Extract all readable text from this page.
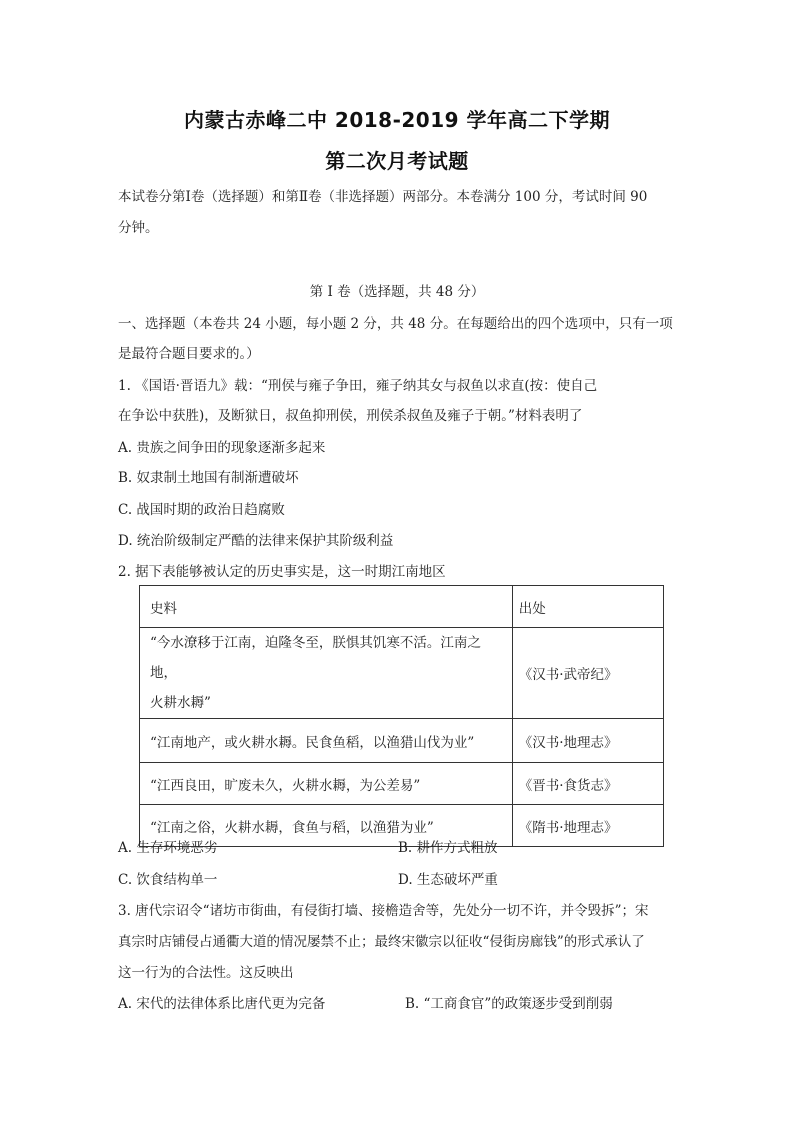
内蒙古赤峰二中 2018-2019 学年高二下学期
第二次月考试题
本试卷分第Ⅰ卷（选择题）和第Ⅱ卷（非选择题）两部分。本卷满分 100 分，考试时间 90
分钟。
第 Ⅰ 卷（选择题，共 48 分）
一、选择题（本卷共 24 小题，每小题 2 分，共 48 分。在每题给出的四个选项中，只有一项
是最符合题目要求的。）
1. 《国语·晋语九》载：“刑侯与雍子争田，雍子纳其女与叔鱼以求直(按：使自己
在争讼中获胜)，及断狱日，叔鱼抑刑侯，刑侯杀叔鱼及雍子于朝。”材料表明了
A. 贵族之间争田的现象逐渐多起来
B. 奴隶制土地国有制渐遭破坏
C. 战国时期的政治日趋腐败
D. 统治阶级制定严酷的法律来保护其阶级利益
2. 据下表能够被认定的历史事实是，这一时期江南地区
史料	出处

“今水潦移于江南，迫隆冬至，朕惧其饥寒不活。江南之地，
火耕水耨”	《汉书·武帝纪》
“江南地产，或火耕水耨。民食鱼稻，以渔猎山伐为业”	《汉书·地理志》
“江西良田，旷废未久，火耕水耨，为公差易”	《晋书·食货志》
“江南之俗，火耕水耨，食鱼与稻，以渔猎为业”	《隋书·地理志》
A. 生存环境恶劣	B. 耕作方式粗放
C. 饮食结构单一	D. 生态破坏严重
3. 唐代宗诏令“诸坊市街曲，有侵街打墙、接檐造舍等，先处分一切不许，并令毁拆”；宋
真宗时店铺侵占通衢大道的情况屡禁不止；最终宋徽宗以征收“侵街房廊钱”的形式承认了
这一行为的合法性。这反映出
A. 宋代的法律体系比唐代更为完备	B. “工商食官”的政策逐步受到削弱
